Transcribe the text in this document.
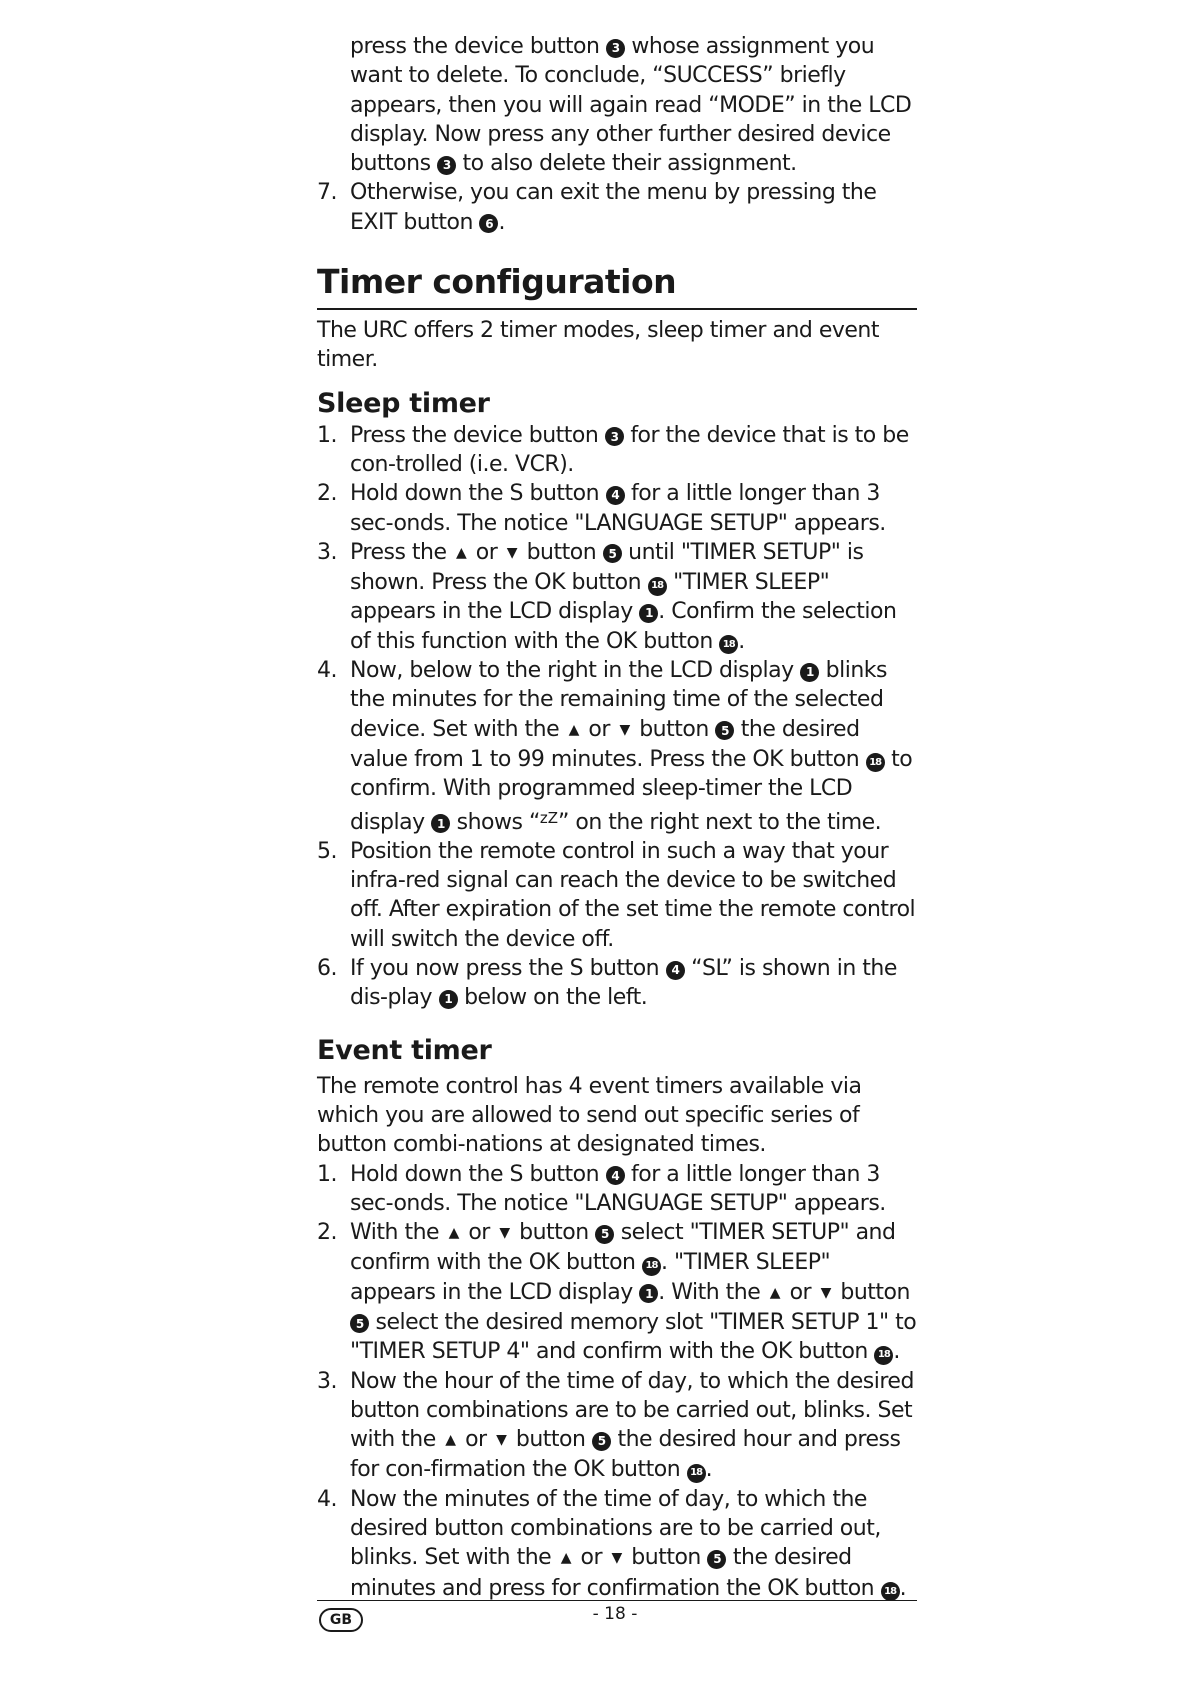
press the device button 3 whose assignment you want to delete. To conclude, “SUCCESS” briefly appears, then you will again read “MODE” in the LCD display. Now press any other further desired device buttons 3 to also delete their assignment.

7. Otherwise, you can exit the menu by pressing the EXIT button 6 .
Timer configuration

The URC offers 2 timer modes, sleep timer and event timer.

Sleep timer
1. Press the device button 3 for the device that is to be con-trolled (i.e. VCR).
2. Hold down the S button 4 for a little longer than 3 sec-onds. The notice "LANGUAGE SETUP" appears.
3. Press the ▲ or ▼ button 5 until "TIMER SETUP" is shown. Press the OK button 18 "TIMER SLEEP" appears in the LCD display 1 . Confirm the selection of this function with the OK button 18 .
4. Now, below to the right in the LCD display 1 blinks the minutes for the remaining time of the selected device. Set with the ▲ or ▼ button 5 the desired value from 1 to 99 minutes. Press the OK button 18 to confirm. With programmed sleep-timer the LCD display 1 shows “$^{zZ}$” on the right next to the time.
5. Position the remote control in such a way that your infra-red signal can reach the device to be switched off. After expiration of the set time the remote control will switch the device off.
6. If you now press the S button 4 “SL” is shown in the dis-play 1 below on the left.
Event timer

The remote control has 4 event timers available via which you are allowed to send out specific series of button combi-nations at designated times.

1. Hold down the S button 4 for a little longer than 3 sec-onds. The notice "LANGUAGE SETUP" appears.
2. With the ▲ or ▼ button 5 select "TIMER SETUP" and confirm with the OK button 18 . "TIMER SLEEP" appears in the LCD display 1 . With the ▲ or ▼ button 5 select the desired memory slot "TIMER SETUP 1" to "TIMER SETUP 4" and confirm with the OK button 18 .
3. Now the hour of the time of day, to which the desired button combinations are to be carried out, blinks. Set with the ▲ or ▼ button 5 the desired hour and press for con-firmation the OK button 18 .
4. Now the minutes of the time of day, to which the desired button combinations are to be carried out, blinks. Set with the ▲ or ▼ button 5 the desired minutes and press for confirmation the OK button 18 .
GB	- 18 -
